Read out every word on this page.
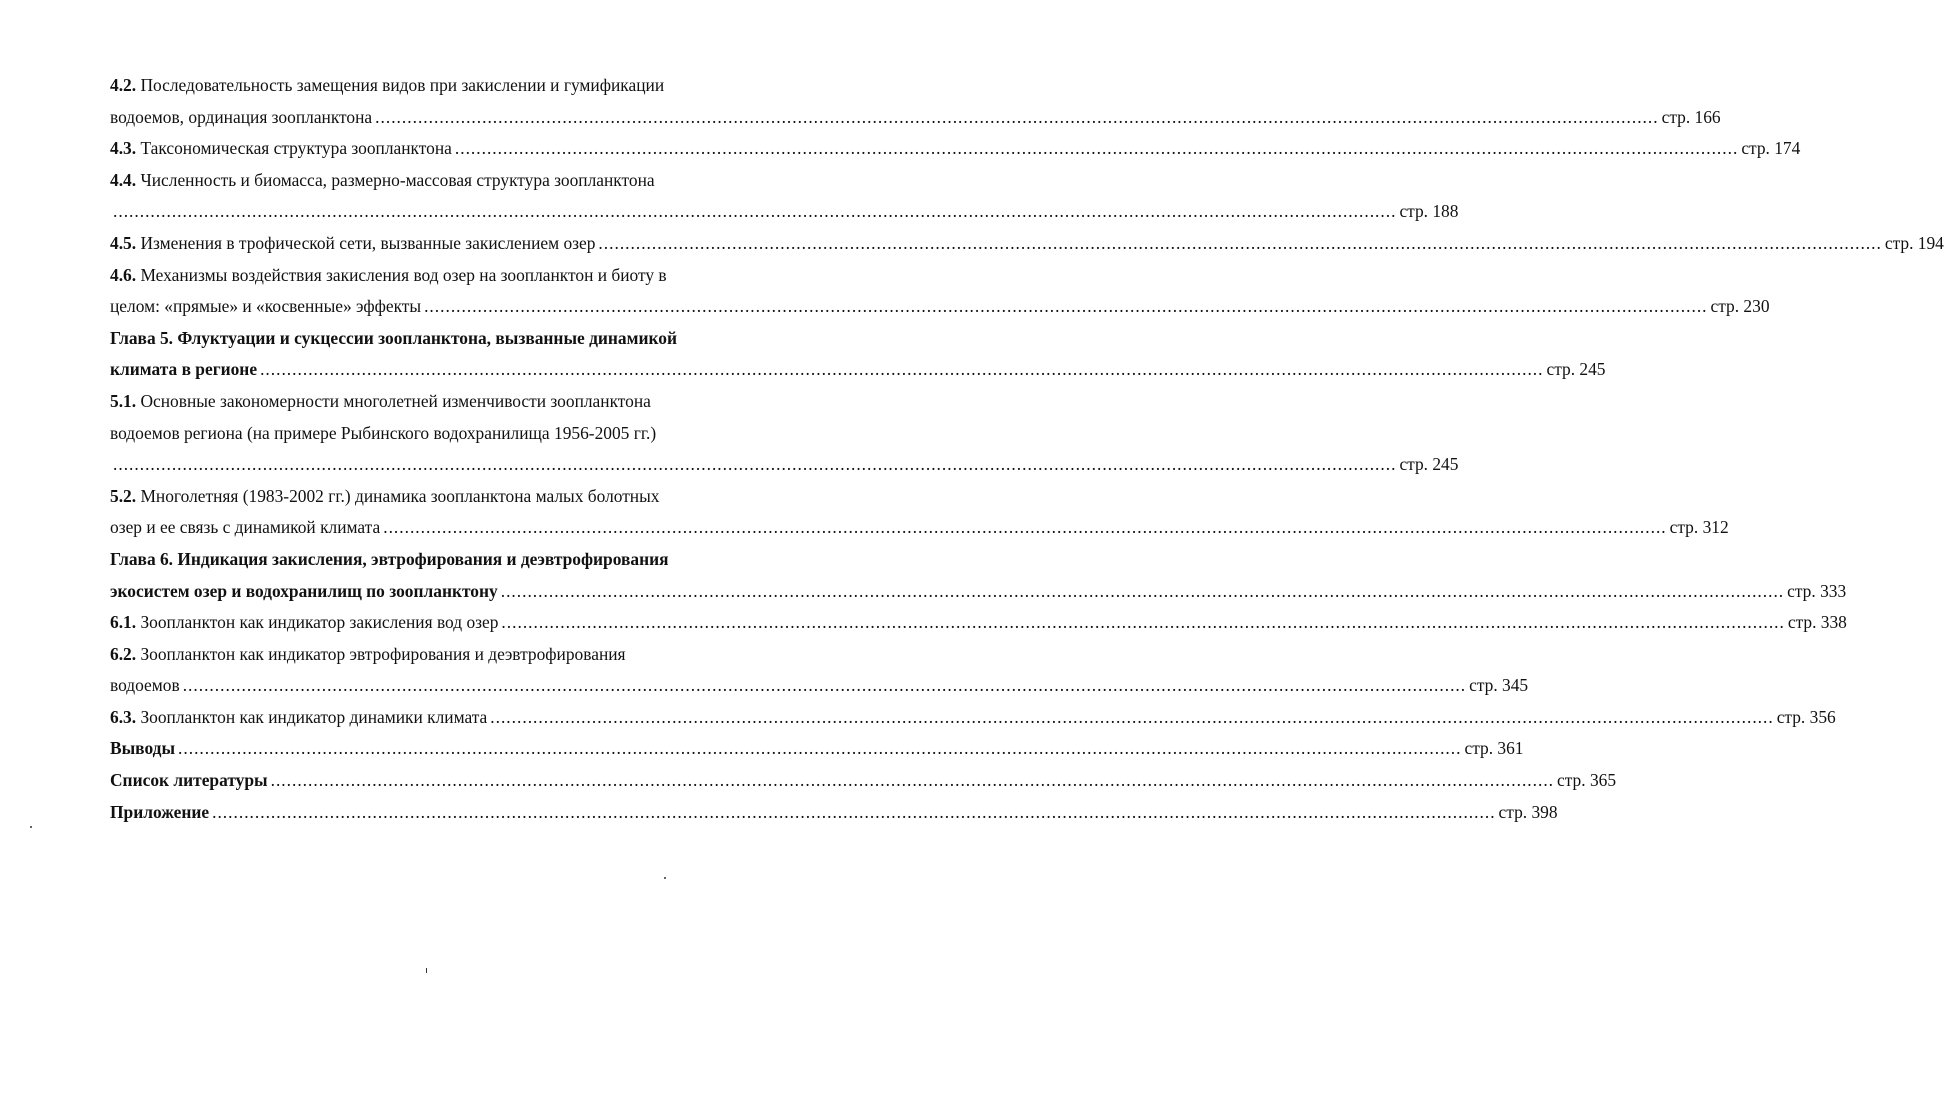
4.2. Последовательность замещения видов при закислении и гумификации
водоемов, ординация зоопланктона ................................................................................................................................................................................................................................................ стр. 166
4.3. Таксономическая структура зоопланктона ................................................................................................................................................................................................................................................ стр. 174
4.4. Численность и биомасса, размерно-массовая структура зоопланктона
................................................................................................................................................................................................................................................ стр. 188
4.5. Изменения в трофической сети, вызванные закислением озер ................................................................................................................................................................................................................................................ стр. 194
4.6. Механизмы воздействия закисления вод озер на зоопланктон и биоту в
целом: «прямые» и «косвенные» эффекты ................................................................................................................................................................................................................................................ стр. 230
Глава 5. Флуктуации и сукцессии зоопланктона, вызванные динамикой
климата в регионе ................................................................................................................................................................................................................................................ стр. 245
5.1. Основные закономерности многолетней изменчивости зоопланктона
водоемов региона (на примере Рыбинского водохранилища 1956-2005 гг.)
................................................................................................................................................................................................................................................ стр. 245
5.2. Многолетняя (1983-2002 гг.) динамика зоопланктона малых болотных
озер и ее связь с динамикой климата ................................................................................................................................................................................................................................................ стр. 312
Глава 6. Индикация закисления, эвтрофирования и деэвтрофирования
экосистем озер и водохранилищ по зоопланктону ................................................................................................................................................................................................................................................ стр. 333
6.1. Зоопланктон как индикатор закисления вод озер ................................................................................................................................................................................................................................................ стр. 338
6.2. Зоопланктон как индикатор эвтрофирования и деэвтрофирования
водоемов ................................................................................................................................................................................................................................................ стр. 345
6.3. Зоопланктон как индикатор динамики климата ................................................................................................................................................................................................................................................ стр. 356
Выводы ................................................................................................................................................................................................................................................ стр. 361
Список литературы ................................................................................................................................................................................................................................................ стр. 365
Приложение ................................................................................................................................................................................................................................................ стр. 398
